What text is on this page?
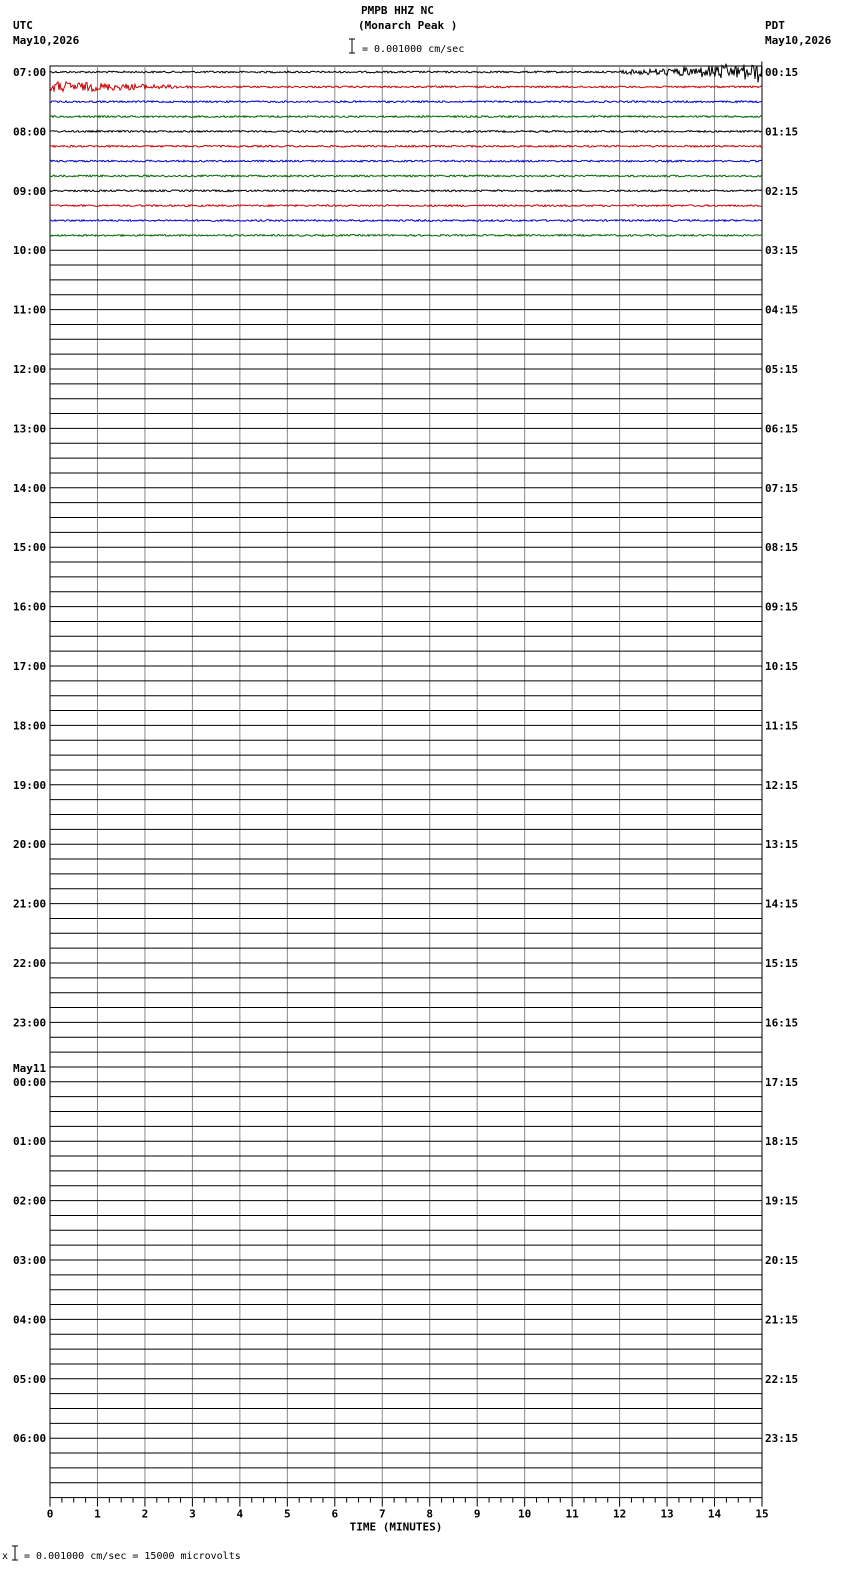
PMPB HHZ NC
(Monarch Peak )
= 0.001000 cm/sec
UTC
May10,2026
PDT
May10,2026
x = 0.001000 cm/sec = 15000 microvolts
07:00
08:00
09:00
10:00
11:00
12:00
13:00
14:00
15:00
16:00
17:00
18:00
19:00
20:00
21:00
22:00
23:00
00:00
May11
01:00
02:00
03:00
04:00
05:00
06:00
00:15
01:15
02:15
03:15
04:15
05:15
06:15
07:15
08:15
09:15
10:15
11:15
12:15
13:15
14:15
15:15
16:15
17:15
18:15
19:15
20:15
21:15
22:15
23:15
0	1	2	3	4	5	6	7	8	9	10	11	12	13	14	15
TIME (MINUTES)
